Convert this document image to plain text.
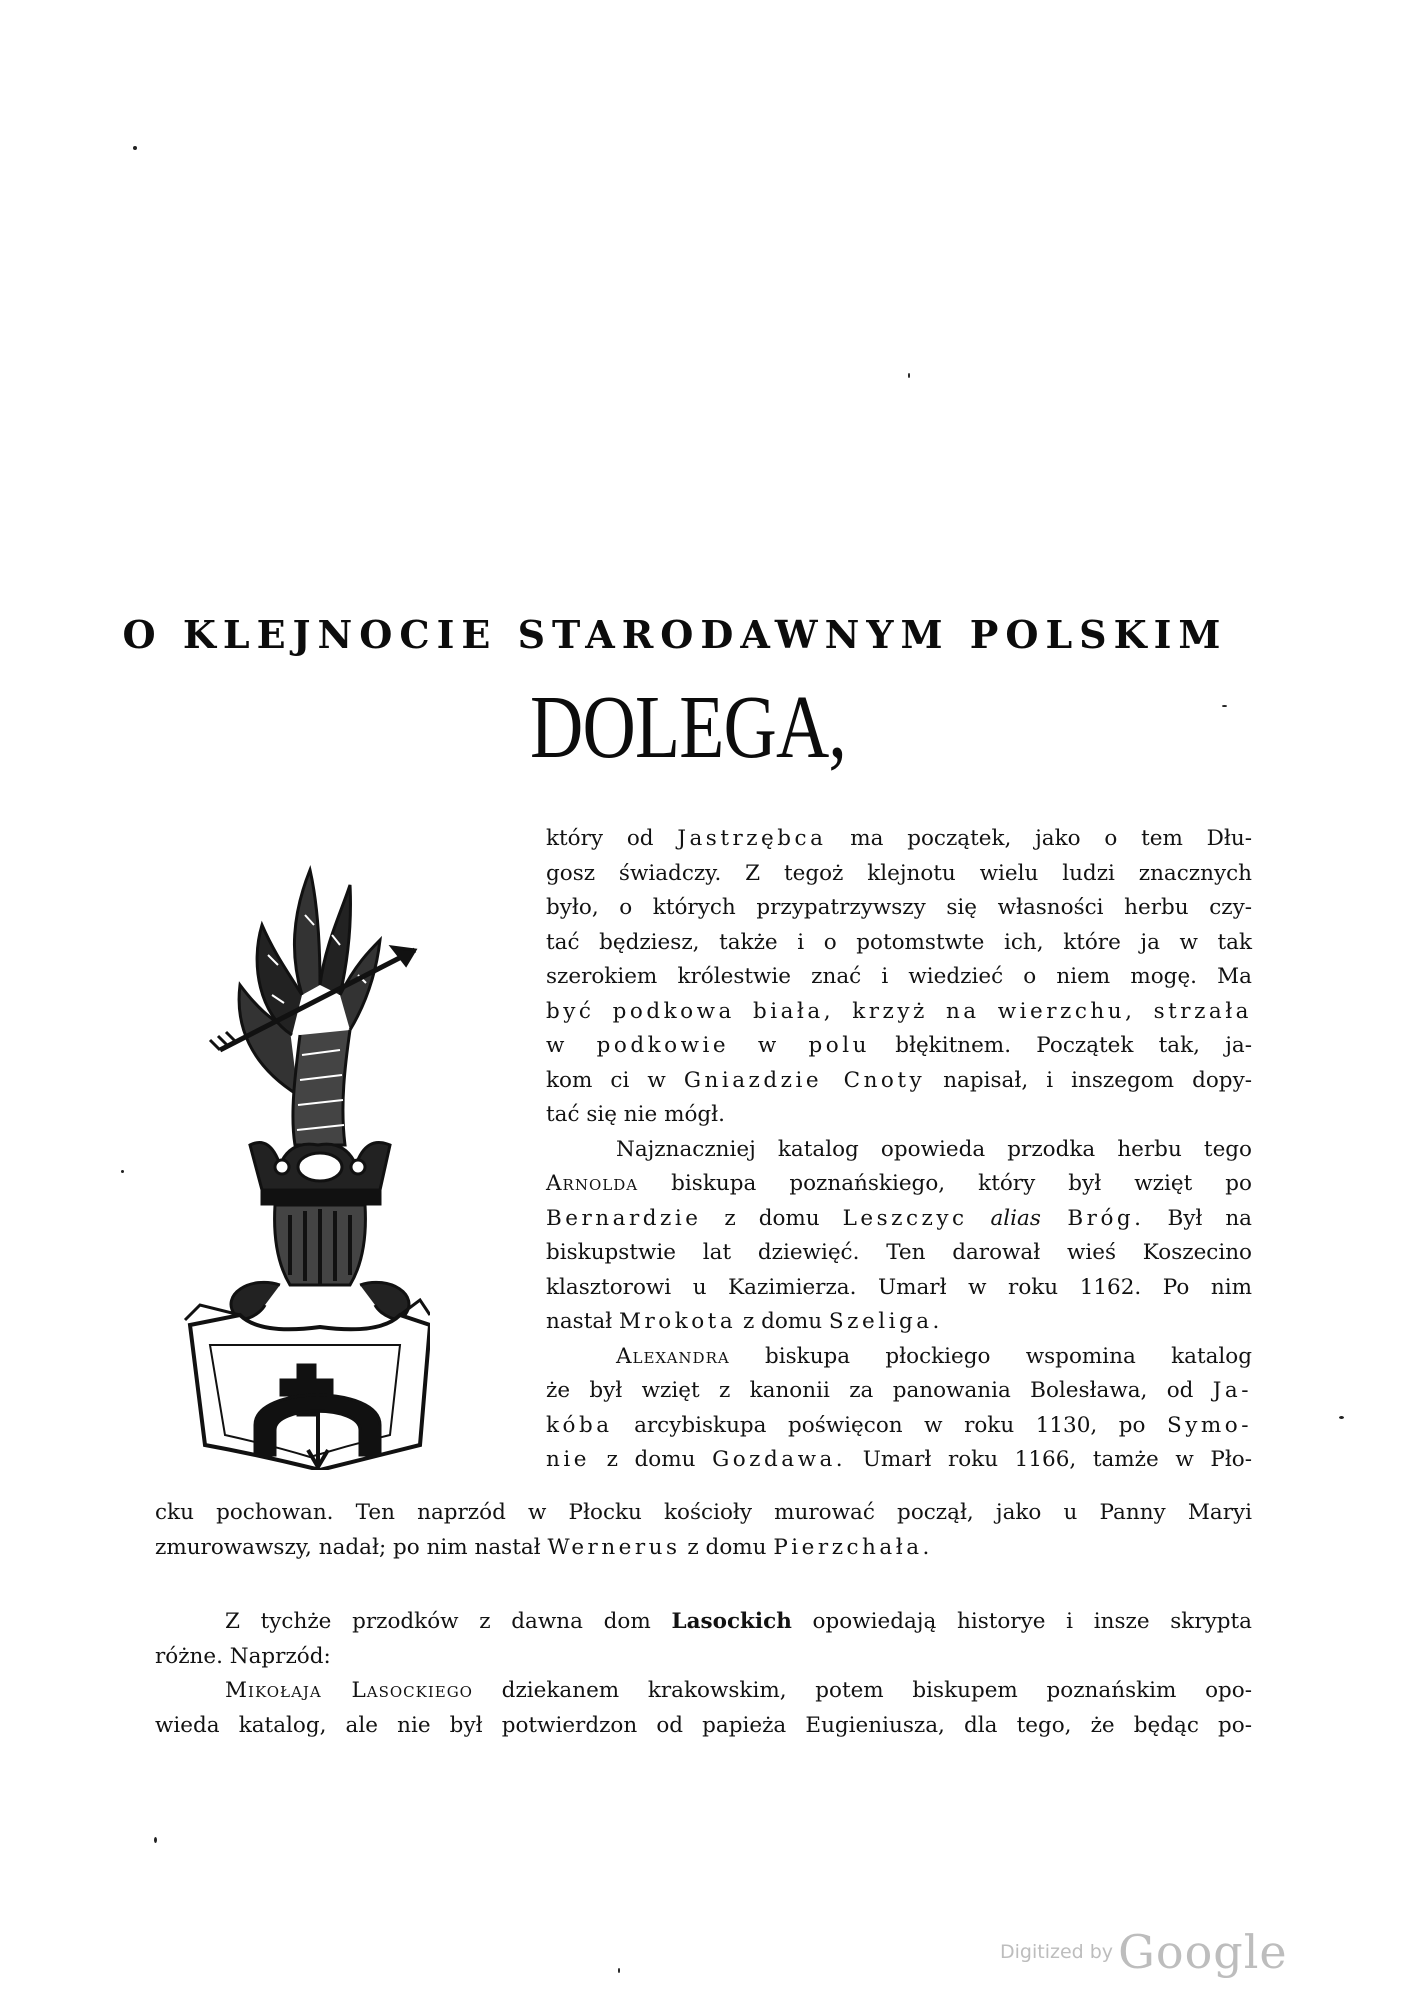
O KLEJNOCIE STARODAWNYM POLSKIM
DOLEGA,
który od Jastrzębca ma początek, jako o tem Dłu-
gosz świadczy. Z tegoż klejnotu wielu ludzi znacznych
było, o których przypatrzywszy się własności herbu czy-
tać będziesz, także i o potomstwte ich, które ja w tak
szerokiem królestwie znać i wiedzieć o niem mogę. Ma
być podkowa biała, krzyż na wierzchu, strzała
w podkowie w polu błękitnem. Początek tak, ja-
kom ci w Gniazdzie Cnoty napisał, i inszegom dopy-
tać się nie mógł.
Najznaczniej katalog opowieda przodka herbu tego
Arnolda biskupa poznańskiego, który był wzięt po
Bernardzie z domu Leszczyc alias Bróg. Był na
biskupstwie lat dziewięć. Ten darował wieś Koszecino
klasztorowi u Kazimierza. Umarł w roku 1162. Po nim
nastał Mrokota z domu Szeliga.
Alexandra biskupa płockiego wspomina katalog
że był wzięt z kanonii za panowania Bolesława, od Ja-
kóba arcybiskupa poświęcon w roku 1130, po Symo-
nie z domu Gozdawa. Umarł roku 1166, tamże w Pło-
cku pochowan. Ten naprzód w Płocku kościoły murować począł, jako u Panny Maryi
zmurowawszy, nadał; po nim nastał Wernerus z domu Pierzchała.
Z tychże przodków z dawna dom Lasockich opowiedają historye i insze skrypta
różne. Naprzód:
Mikołaja Lasockiego dziekanem krakowskim, potem biskupem poznańskim opo-
wieda katalog, ale nie był potwierdzon od papieża Eugieniusza, dla tego, że będąc po-
Digitized by Google
